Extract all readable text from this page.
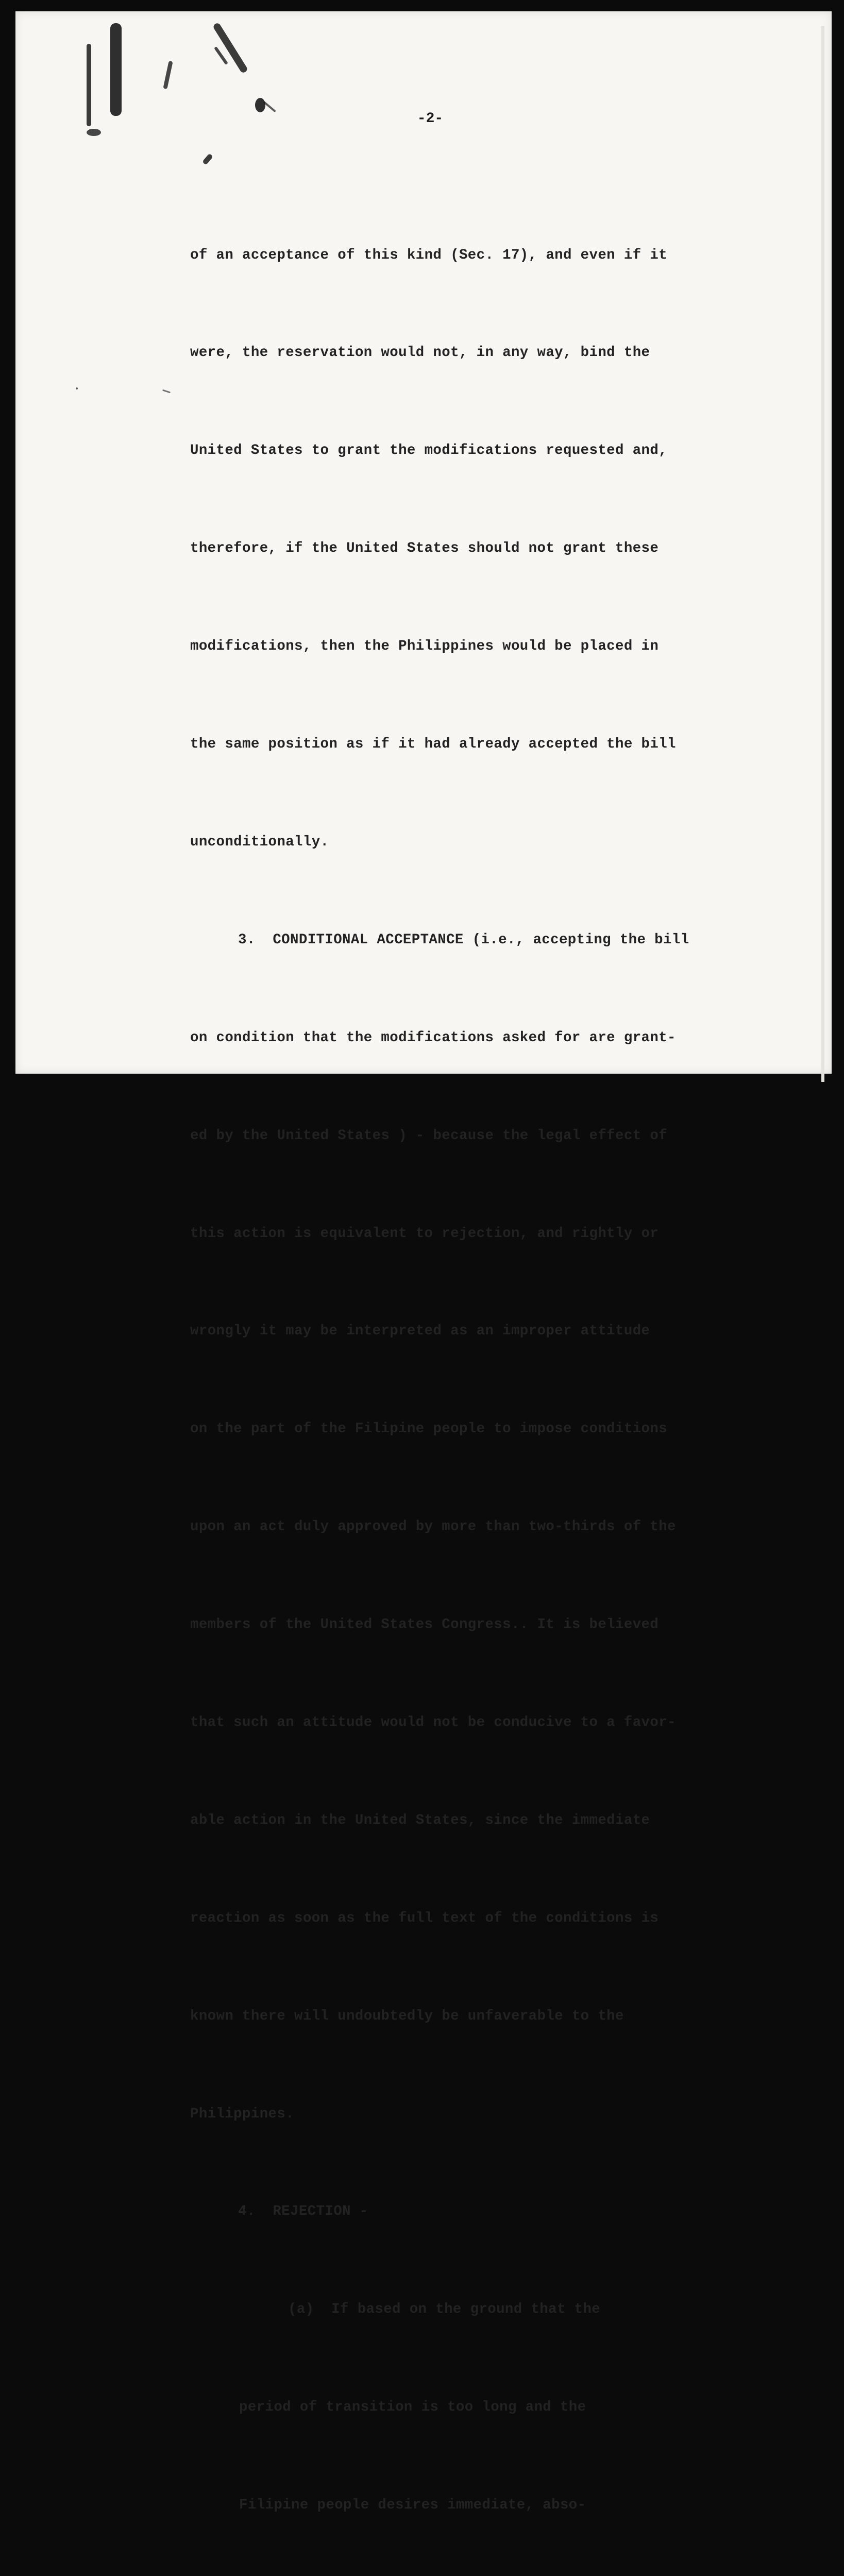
-2-

of an acceptance of this kind (Sec. 17), and even if it

were, the reservation would not, in any way, bind the

United States to grant the modifications requested and,

therefore, if the United States should not grant these

modifications, then the Philippines would be placed in

the same position as if it had already accepted the bill

unconditionally.

3.  CONDITIONAL ACCEPTANCE (i.e., accepting the bill

on condition that the modifications asked for are grant-

ed by the United States ) - because the legal effect of

this action is equivalent to rejection, and rightly or

wrongly it may be interpreted as an improper attitude

on the part of the Filipine people to impose conditions

upon an act duly approved by more than two-thirds of the

members of the United States Congress.. It is believed

that such an attitude would not be conducive to a favor-

able action in the United States, since the immediate

reaction as soon as the full text of the conditions is

known there will undoubtedly be unfaverable to the

Philippines.

4.  REJECTION -

(a)  If based on the ground that the

period of transition is too long and the

Filipine people desires immediate, abso-
